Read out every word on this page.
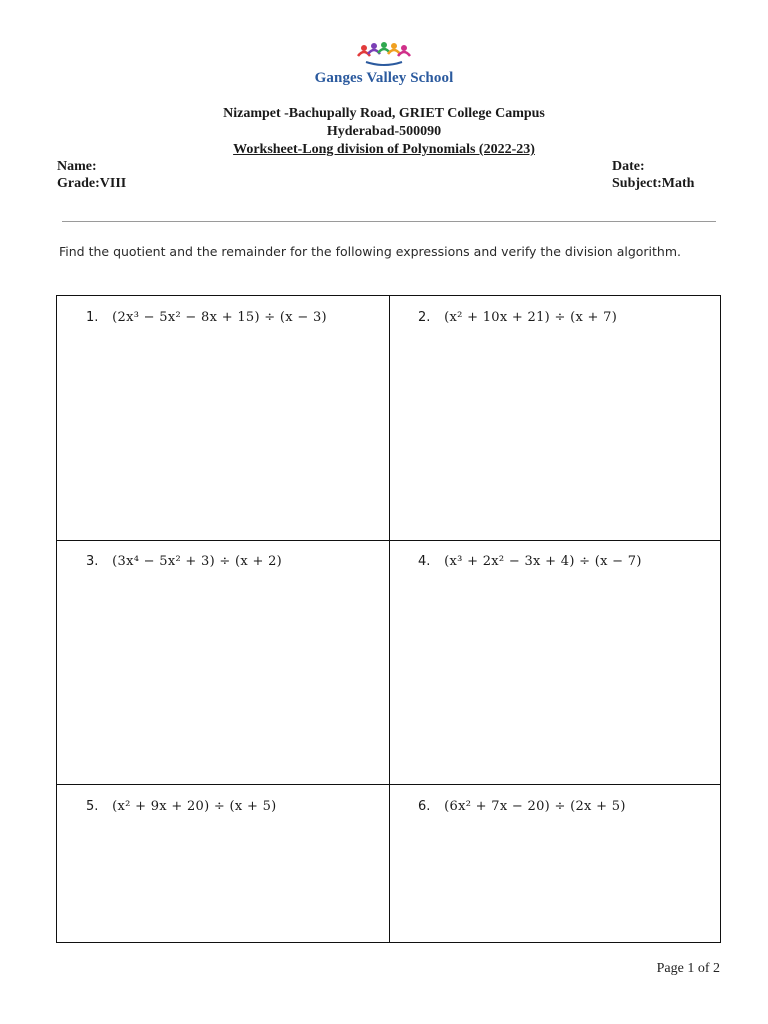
Ganges Valley School
Nizampet -Bachupally Road, GRIET College Campus
Hyderabad-500090
Worksheet-Long division of Polynomials (2022-23)
Name:
Grade:VIII
Date:
Subject:Math
Find the quotient and the remainder for the following expressions and verify the division algorithm.
1. (2x³ − 5x² − 8x + 15) ÷ (x − 3)	2. (x² + 10x + 21) ÷ (x + 7)
3. (3x⁴ − 5x² + 3) ÷ (x + 2)	4. (x³ + 2x² − 3x + 4) ÷ (x − 7)
5. (x² + 9x + 20) ÷ (x + 5)	6. (6x² + 7x − 20) ÷ (2x + 5)
Page 1 of 2
